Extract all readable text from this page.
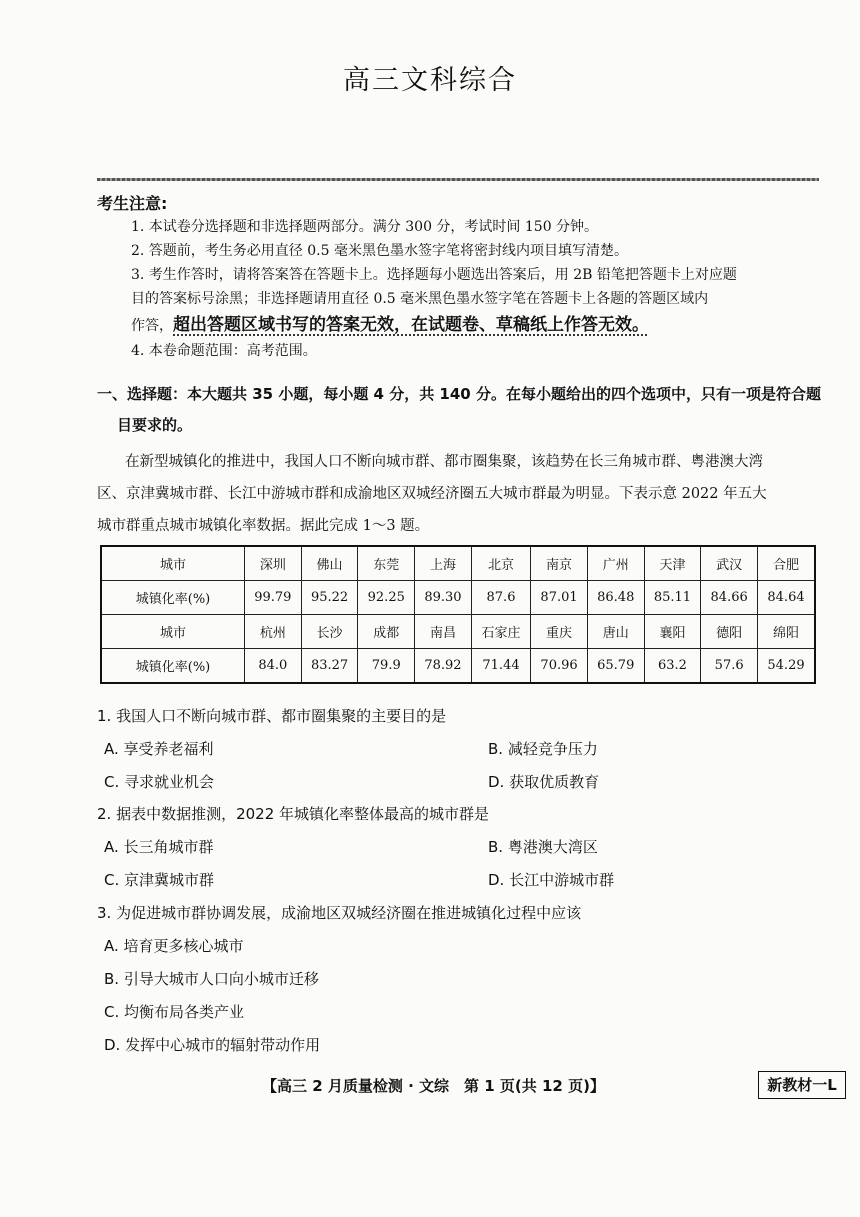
高三文科综合
考生注意:
1. 本试卷分选择题和非选择题两部分。满分 300 分，考试时间 150 分钟。
2. 答题前，考生务必用直径 0.5 毫米黑色墨水签字笔将密封线内项目填写清楚。
3. 考生作答时，请将答案答在答题卡上。选择题每小题选出答案后，用 2B 铅笔把答题卡上对应题
目的答案标号涂黑；非选择题请用直径 0.5 毫米黑色墨水签字笔在答题卡上各题的答题区域内
作答，超出答题区域书写的答案无效，在试题卷、草稿纸上作答无效。
4. 本卷命题范围：高考范围。
一、选择题：本大题共 35 小题，每小题 4 分，共 140 分。在每小题给出的四个选项中，只有一项是符合题
目要求的。
在新型城镇化的推进中，我国人口不断向城市群、都市圈集聚，该趋势在长三角城市群、粤港澳大湾
区、京津冀城市群、长江中游城市群和成渝地区双城经济圈五大城市群最为明显。下表示意 2022 年五大
城市群重点城市城镇化率数据。据此完成 1～3 题。
城市	深圳	佛山	东莞	上海	北京	南京	广州	天津	武汉	合肥
城镇化率(%)	99.79	95.22	92.25	89.30	87.6	87.01	86.48	85.11	84.66	84.64
城市	杭州	长沙	成都	南昌	石家庄	重庆	唐山	襄阳	德阳	绵阳
城镇化率(%)	84.0	83.27	79.9	78.92	71.44	70.96	65.79	63.2	57.6	54.29
1. 我国人口不断向城市群、都市圈集聚的主要目的是
A. 享受养老福利	B. 减轻竞争压力
C. 寻求就业机会	D. 获取优质教育
2. 据表中数据推测，2022 年城镇化率整体最高的城市群是
A. 长三角城市群	B. 粤港澳大湾区
C. 京津冀城市群	D. 长江中游城市群
3. 为促进城市群协调发展，成渝地区双城经济圈在推进城镇化过程中应该
A. 培育更多核心城市
B. 引导大城市人口向小城市迁移
C. 均衡布局各类产业
D. 发挥中心城市的辐射带动作用
【高三 2 月质量检测 · 文综　第 1 页(共 12 页)】	新教材一L
